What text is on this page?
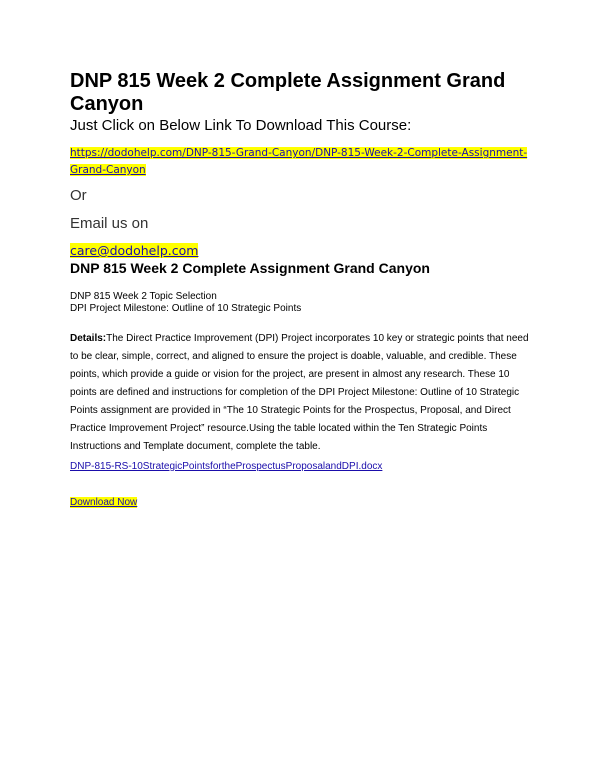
DNP 815 Week 2 Complete Assignment Grand Canyon

Just Click on Below Link To Download This Course:

https://dodohelp.com/DNP-815-Grand-Canyon/DNP-815-Week-2-Complete-Assignment-Grand-Canyon

Or

Email us on

care@dodohelp.com
DNP 815 Week 2 Complete Assignment Grand Canyon

DNP 815 Week 2 Topic Selection

DPI Project Milestone: Outline of 10 Strategic Points

Details:The Direct Practice Improvement (DPI) Project incorporates 10 key or strategic points that need to be clear, simple, correct, and aligned to ensure the project is doable, valuable, and credible. These points, which provide a guide or vision for the project, are present in almost any research. These 10 points are defined and instructions for completion of the DPI Project Milestone: Outline of 10 Strategic Points assignment are provided in “The 10 Strategic Points for the Prospectus, Proposal, and Direct Practice Improvement Project” resource.Using the table located within the Ten Strategic Points Instructions and Template document, complete the table.

DNP-815-RS-10StrategicPointsfortheProspectusProposalandDPI.docx
Download Now
